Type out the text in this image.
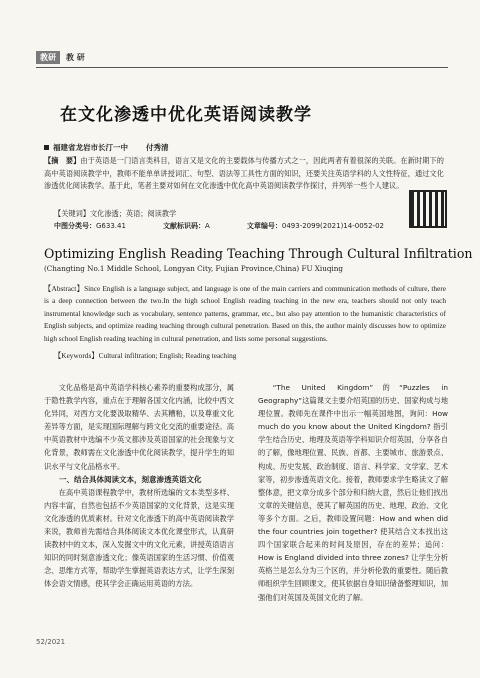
教研	教 研
在文化渗透中优化英语阅读教学
福建省龙岩市长汀一中 付秀清
【摘　要】由于英语是一门语言类科目，语言又是文化的主要载体与传播方式之一，因此两者有着很深的关联。在新时期下的高中英语阅读教学中，教师不能单单讲授词汇、句型、语法等工具性方面的知识，还要关注英语学科的人文性特征，通过文化渗透优化阅读教学。基于此，笔者主要对如何在文化渗透中优化高中英语阅读教学作探讨，并列举一些个人建议。
【关键词】文化渗透；英语；阅读教学
中图分类号：G633.41	文献标识码：A	文章编号：0493-2099(2021)14-0052-02
Optimizing English Reading Teaching Through Cultural Infiltration
(Changting No.1 Middle School, Longyan City, Fujian Province,China) FU Xiuqing
【Abstract】Since English is a language subject, and language is one of the main carriers and communication methods of culture, there is a deep connection between the two.In the high school English reading teaching in the new era, teachers should not only teach instrumental knowledge such as vocabulary, sentence patterns, grammar, etc., but also pay attention to the humanistic characteristics of English subjects, and optimize reading teaching through cultural penetration. Based on this, the author mainly discusses how to optimize high school English reading teaching in cultural penetration, and lists some personal suggestions.
【Keywords】Cultural infiltration; English; Reading teaching

文化品格是高中英语学科核心素养的重要构成部分，属于隐性教学内容，重点在于理解各国文化内涵，比较中西文化异同，对西方文化要汲取精华、去其糟粕，以及尊重文化差异等方面，是实现国际理解与跨文化交流的重要途径。高中英语教材中选编不少英文都涉及英语国家的社会现象与文化背景，教师需在文化渗透中优化阅读教学，提升学生的知识水平与文化品格水平。

一、结合具体阅读文本，刻意渗透英语文化

在高中英语课程教学中，教材所选编的文本类型多样、内容丰富，自然也包括不少英语国家的文化背景，这是实现文化渗透的优质素材。针对文化渗透下的高中英语阅读教学来说，教师首先需结合具体阅读文本优化课堂形式，认真研读教材中的文本，深入发掘文中的文化元素，讲授英语语言知识的同时刻意渗透文化；像英语国家的生活习惯、价值观念、思维方式等，帮助学生掌握英语表达方式，让学生深刻体会语文情感，使其学会正确运用英语的方法。

“The United Kingdom”的“Puzzles in Geography”这篇课文主要介绍英国的历史、国家构成与地理位置。教师先在课件中出示一幅英国地图，询问：How much do you know about the United Kingdom? 指引学生结合历史、地理及英语等学科知识介绍英国，分享各自的了解，像地理位置、民族、首都、主要城市、旅游景点、构成、历史发展、政治制度、语言、科学家、文学家、艺术家等，初步渗透英语文化。接着，教师要求学生略读文了解整体意，把文章分成多个部分和归纳大意，然后让他们找出文章的关键信息，使其了解英国的历史、地理、政治、文化等多个方面。之后，教师设置问题：How and when did the four countries join together? 使其结合文本找出这四个国家联合起来的时间及原因，存在的差异；追问：How is England divided into three zones? 让学生分析英格兰是怎么分为三个区的，并分析伦敦的重要性。随后教师组织学生回顾课文，使其依据自身知识储备整理知识，加强他们对英国及英国文化的了解。

52/2021
